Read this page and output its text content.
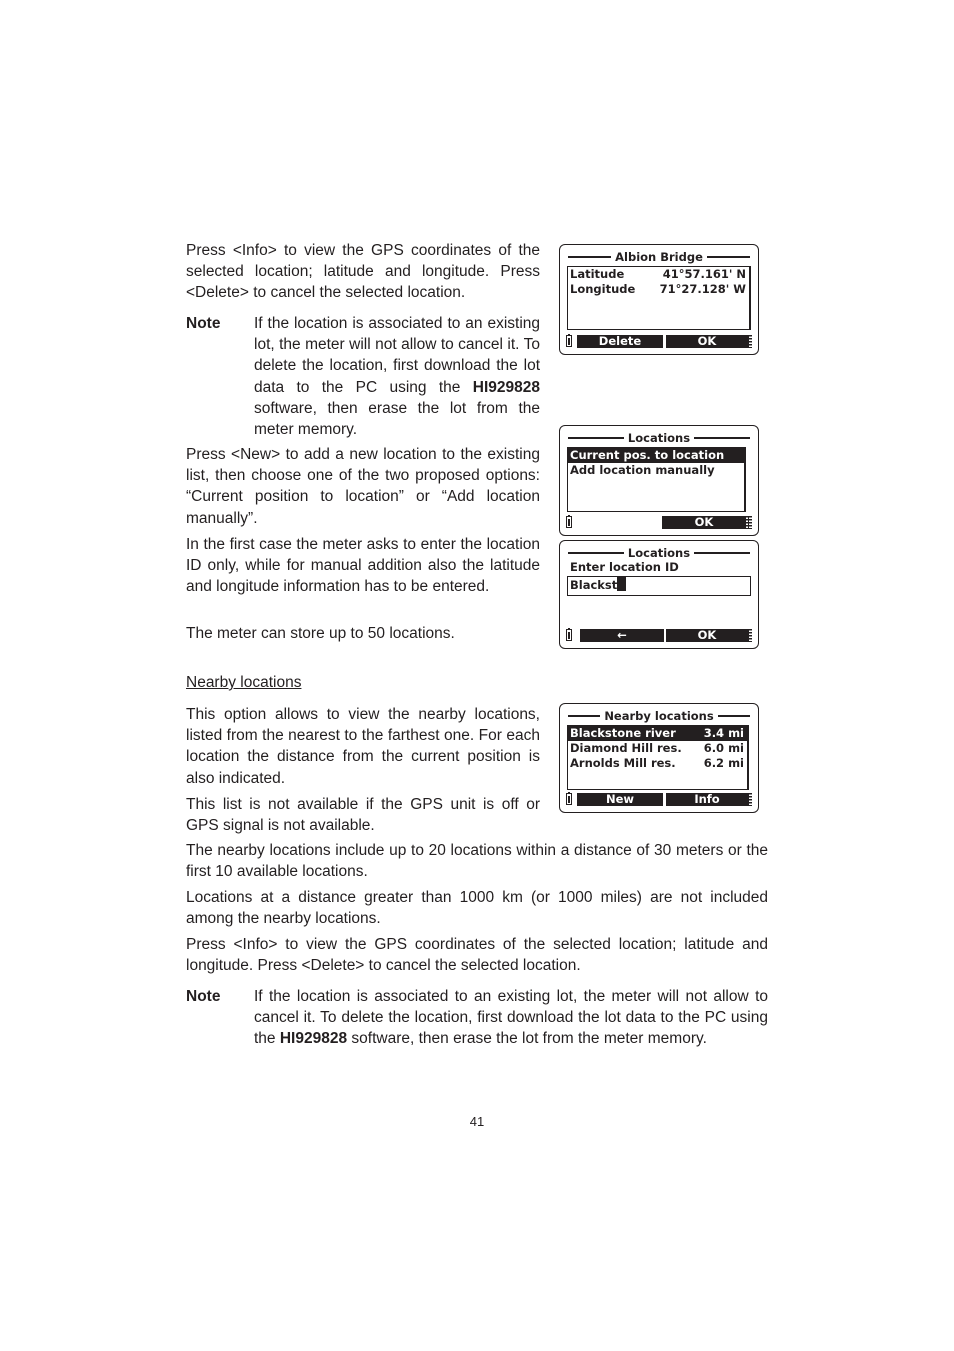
Press <Info> to view the GPS coordinates of the selected location; latitude and longitude. Press <Delete> to cancel the selected location.

Note If the location is associated to an existing lot, the meter will not allow to cancel it. To delete the location, first download the lot data to the PC using the HI929828 software, then erase the lot from the meter memory.

Press <New> to add a new location to the existing list, then choose one of the two proposed options: “Current position to location” or “Add location manually”.

In the first case the meter asks to enter the location ID only, while for manual addition also the latitude and longitude information has to be entered.

The meter can store up to 50 locations.

Nearby locations

This option allows to view the nearby locations, listed from the nearest to the farthest one. For each location the distance from the current position is also indicated.

This list is not available if the GPS unit is off or GPS signal is not available.

The nearby locations include up to 20 locations within a distance of 30 meters or the first 10 available locations.

Locations at a distance greater than 1000 km (or 1000 miles) are not included among the nearby locations.

Press <Info> to view the GPS coordinates of the selected location; latitude and longitude. Press <Delete> to cancel the selected location.

Note If the location is associated to an existing lot, the meter will not allow to cancel it. To delete the location, first download the lot data to the PC using the HI929828 software, then erase the lot from the meter memory.

41
Albion Bridge
Latitude	41°57.161' N
Longitude 71°27.128' W
Delete	OK
Locations
Current pos. to location
Add location manually
OK
Locations
Enter location ID
Blackst
←	OK
Nearby locations
Blackstone river 3.4 mi
Diamond Hill res. 6.0 mi
Arnolds Mill res. 6.2 mi
New	Info
